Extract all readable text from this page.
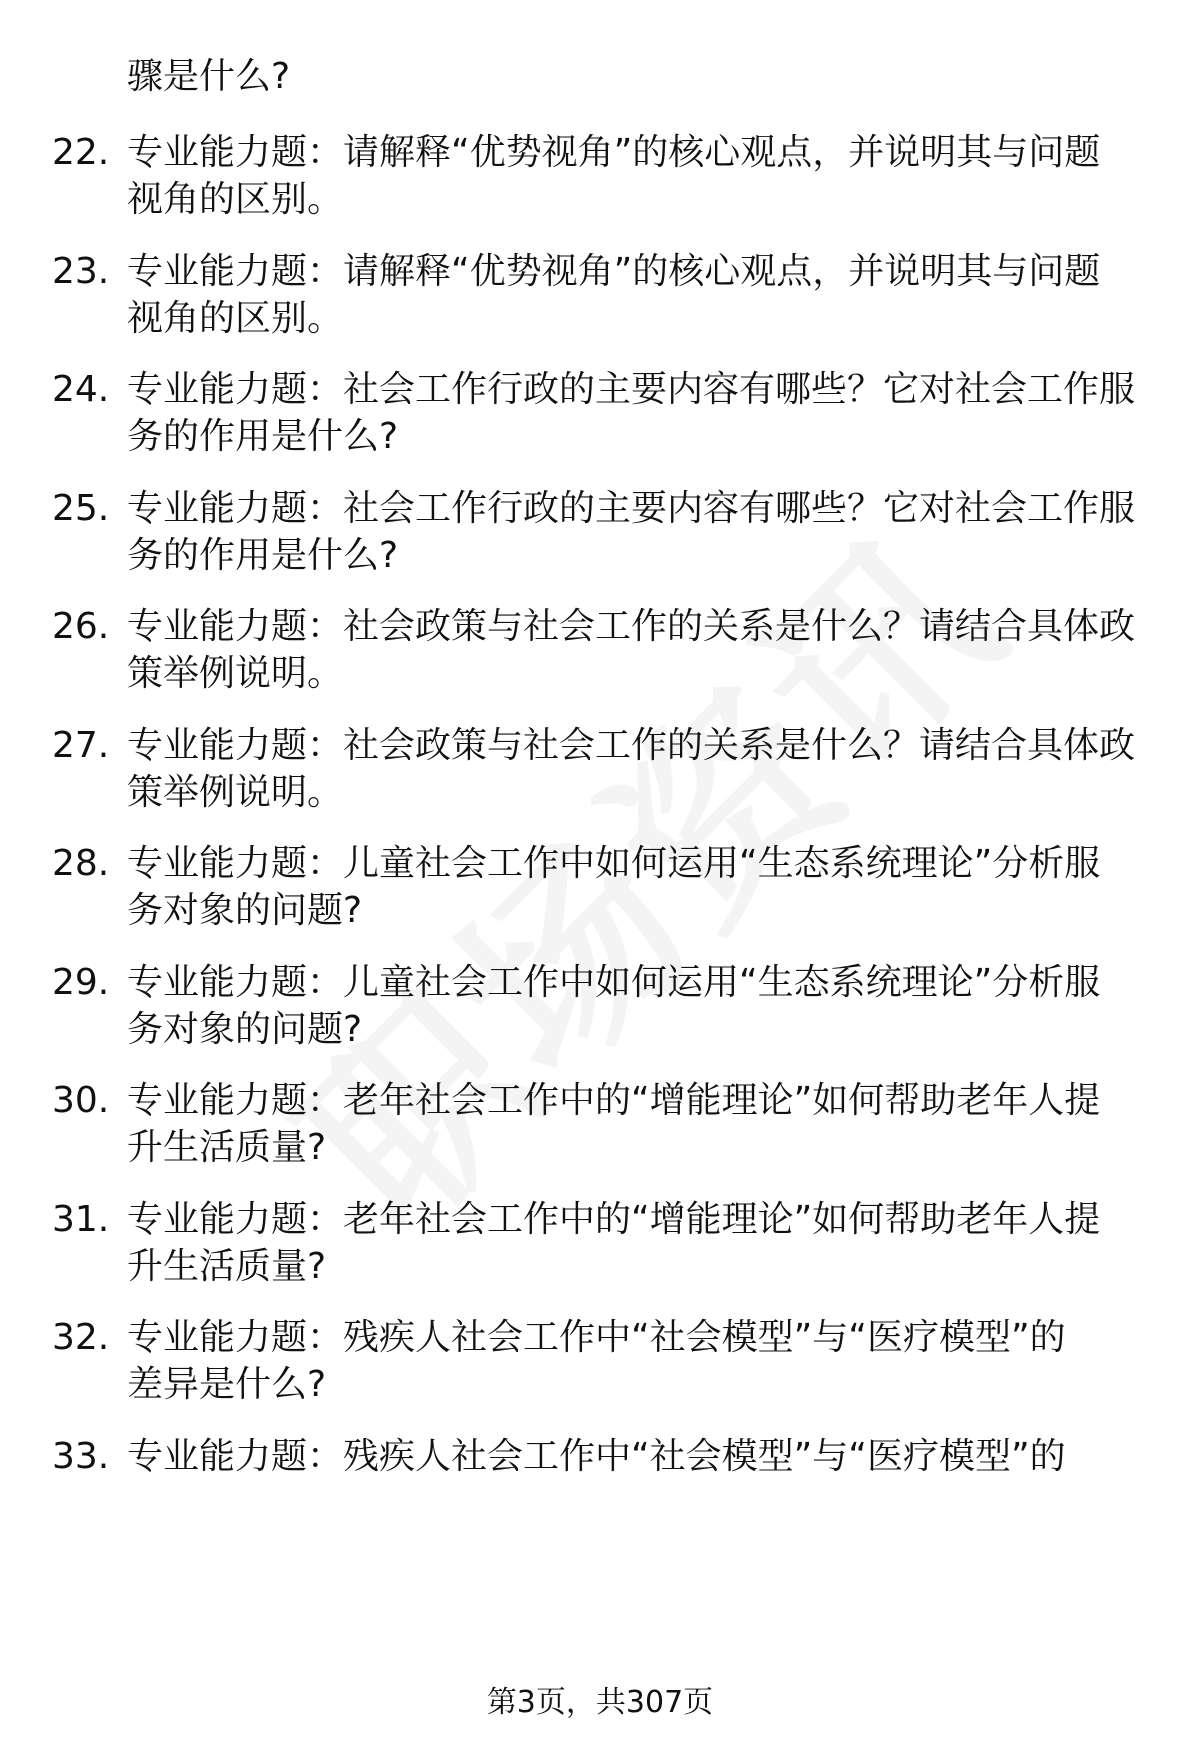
骤是什么?
22. 专业能力题：请解释“优势视角”的核心观点，并说明其与问题
视角的区别。
23. 专业能力题：请解释“优势视角”的核心观点，并说明其与问题
视角的区别。
24. 专业能力题：社会工作行政的主要内容有哪些？它对社会工作服
务的作用是什么?
25. 专业能力题：社会工作行政的主要内容有哪些？它对社会工作服
务的作用是什么?
26. 专业能力题：社会政策与社会工作的关系是什么？请结合具体政
策举例说明。
27. 专业能力题：社会政策与社会工作的关系是什么？请结合具体政
策举例说明。
28. 专业能力题：儿童社会工作中如何运用“生态系统理论”分析服
务对象的问题?
29. 专业能力题：儿童社会工作中如何运用“生态系统理论”分析服
务对象的问题?
30. 专业能力题：老年社会工作中的“增能理论”如何帮助老年人提
升生活质量?
31. 专业能力题：老年社会工作中的“增能理论”如何帮助老年人提
升生活质量?
32. 专业能力题：残疾人社会工作中“社会模型”与“医疗模型”的
差异是什么?
33. 专业能力题：残疾人社会工作中“社会模型”与“医疗模型”的
第3页，共307页
